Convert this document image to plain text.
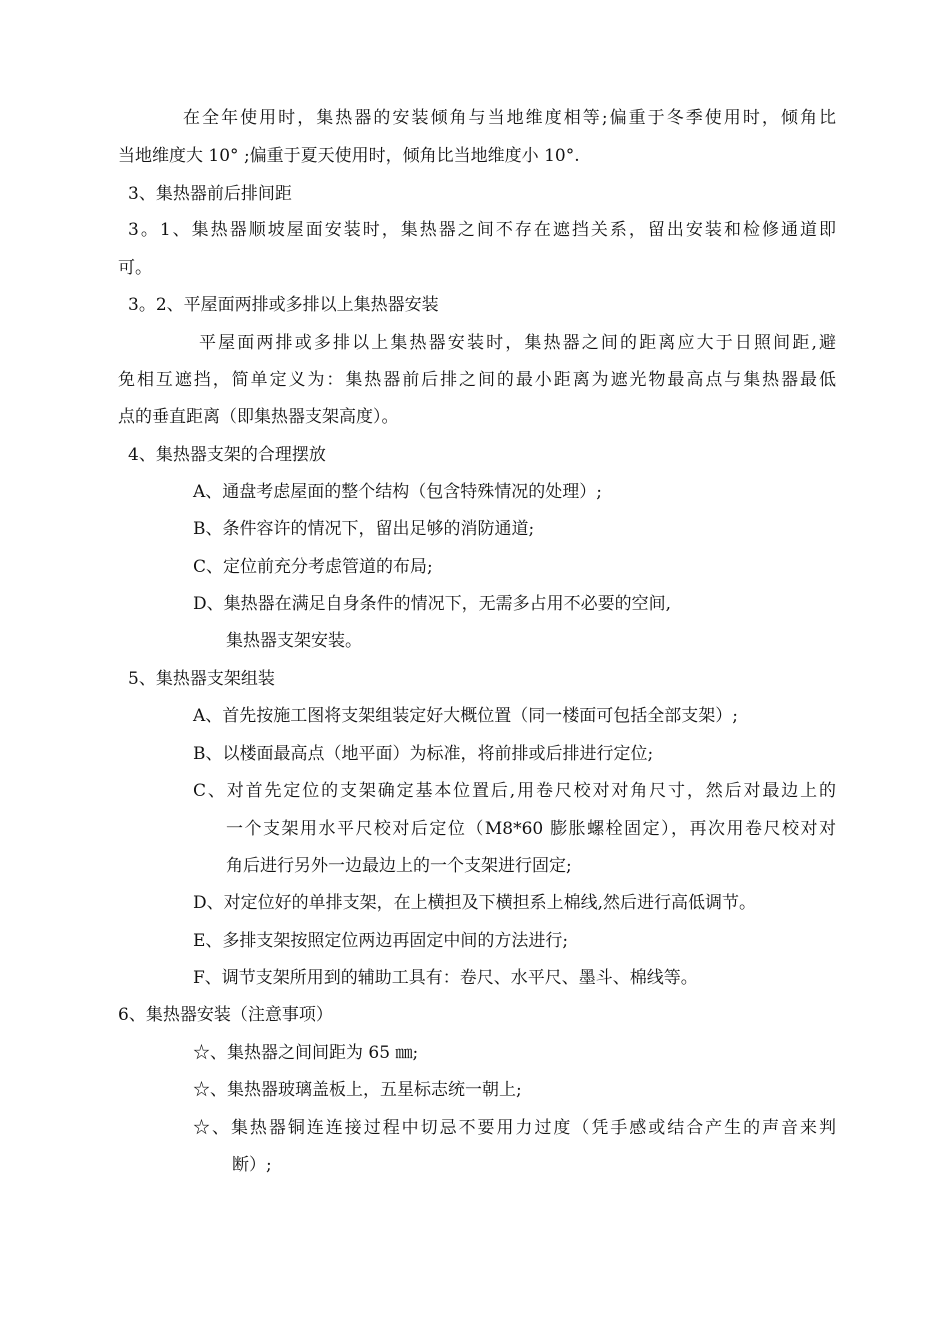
在全年使用时，集热器的安装倾角与当地维度相等;偏重于冬季使用时，倾角比
当地维度大 10° ;偏重于夏天使用时，倾角比当地维度小 10°.
3、集热器前后排间距
3。1、集热器顺坡屋面安装时，集热器之间不存在遮挡关系，留出安装和检修通道即
可。
3。2、平屋面两排或多排以上集热器安装
平屋面两排或多排以上集热器安装时，集热器之间的距离应大于日照间距,避
免相互遮挡，简单定义为：集热器前后排之间的最小距离为遮光物最高点与集热器最低
点的垂直距离（即集热器支架高度）。
4、集热器支架的合理摆放
A、通盘考虑屋面的整个结构（包含特殊情况的处理）;
B、条件容许的情况下，留出足够的消防通道;
C、定位前充分考虑管道的布局;
D、集热器在满足自身条件的情况下，无需多占用不必要的空间,
集热器支架安装。
5、集热器支架组装
A、首先按施工图将支架组装定好大概位置（同一楼面可包括全部支架）;
B、以楼面最高点（地平面）为标准，将前排或后排进行定位;
C、对首先定位的支架确定基本位置后,用卷尺校对对角尺寸，然后对最边上的
一个支架用水平尺校对后定位（M8*60 膨胀螺栓固定），再次用卷尺校对对
角后进行另外一边最边上的一个支架进行固定;
D、对定位好的单排支架，在上横担及下横担系上棉线,然后进行高低调节。
E、多排支架按照定位两边再固定中间的方法进行;
F、调节支架所用到的辅助工具有：卷尺、水平尺、墨斗、棉线等。
6、集热器安装（注意事项）
☆、集热器之间间距为 65 ㎜;
☆、集热器玻璃盖板上，五星标志统一朝上;
☆、集热器铜连连接过程中切忌不要用力过度（凭手感或结合产生的声音来判
断）;
